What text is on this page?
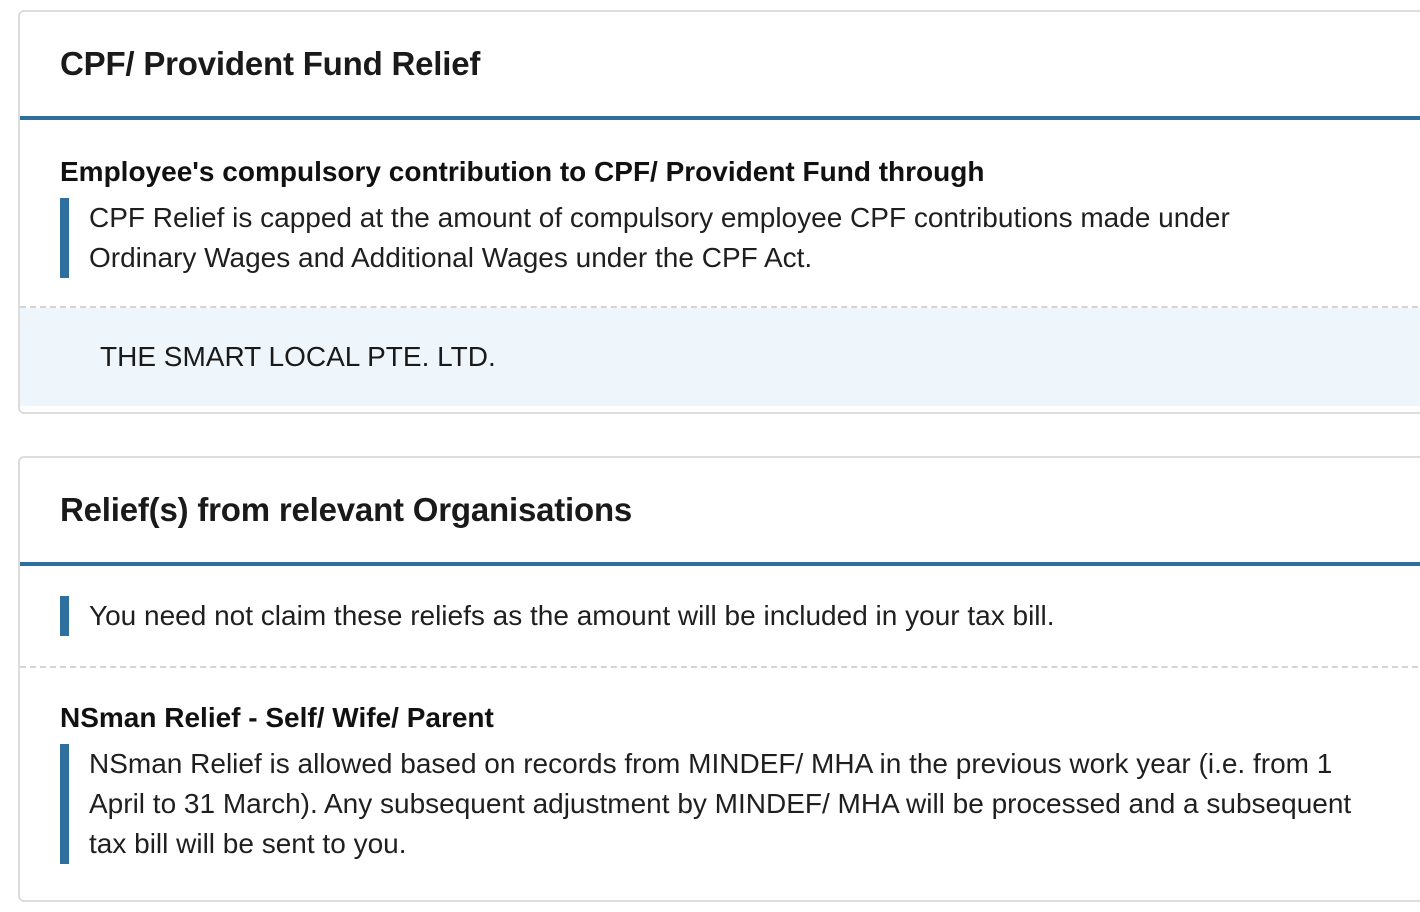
CPF/ Provident Fund Relief
Employee's compulsory contribution to CPF/ Provident Fund through

CPF Relief is capped at the amount of compulsory employee CPF contributions made under Ordinary Wages and Additional Wages under the CPF Act.

THE SMART LOCAL PTE. LTD.
Relief(s) from relevant Organisations

You need not claim these reliefs as the amount will be included in your tax bill.

NSman Relief - Self/ Wife/ Parent

NSman Relief is allowed based on records from MINDEF/ MHA in the previous work year (i.e. from 1 April to 31 March). Any subsequent adjustment by MINDEF/ MHA will be processed and a subsequent tax bill will be sent to you.
